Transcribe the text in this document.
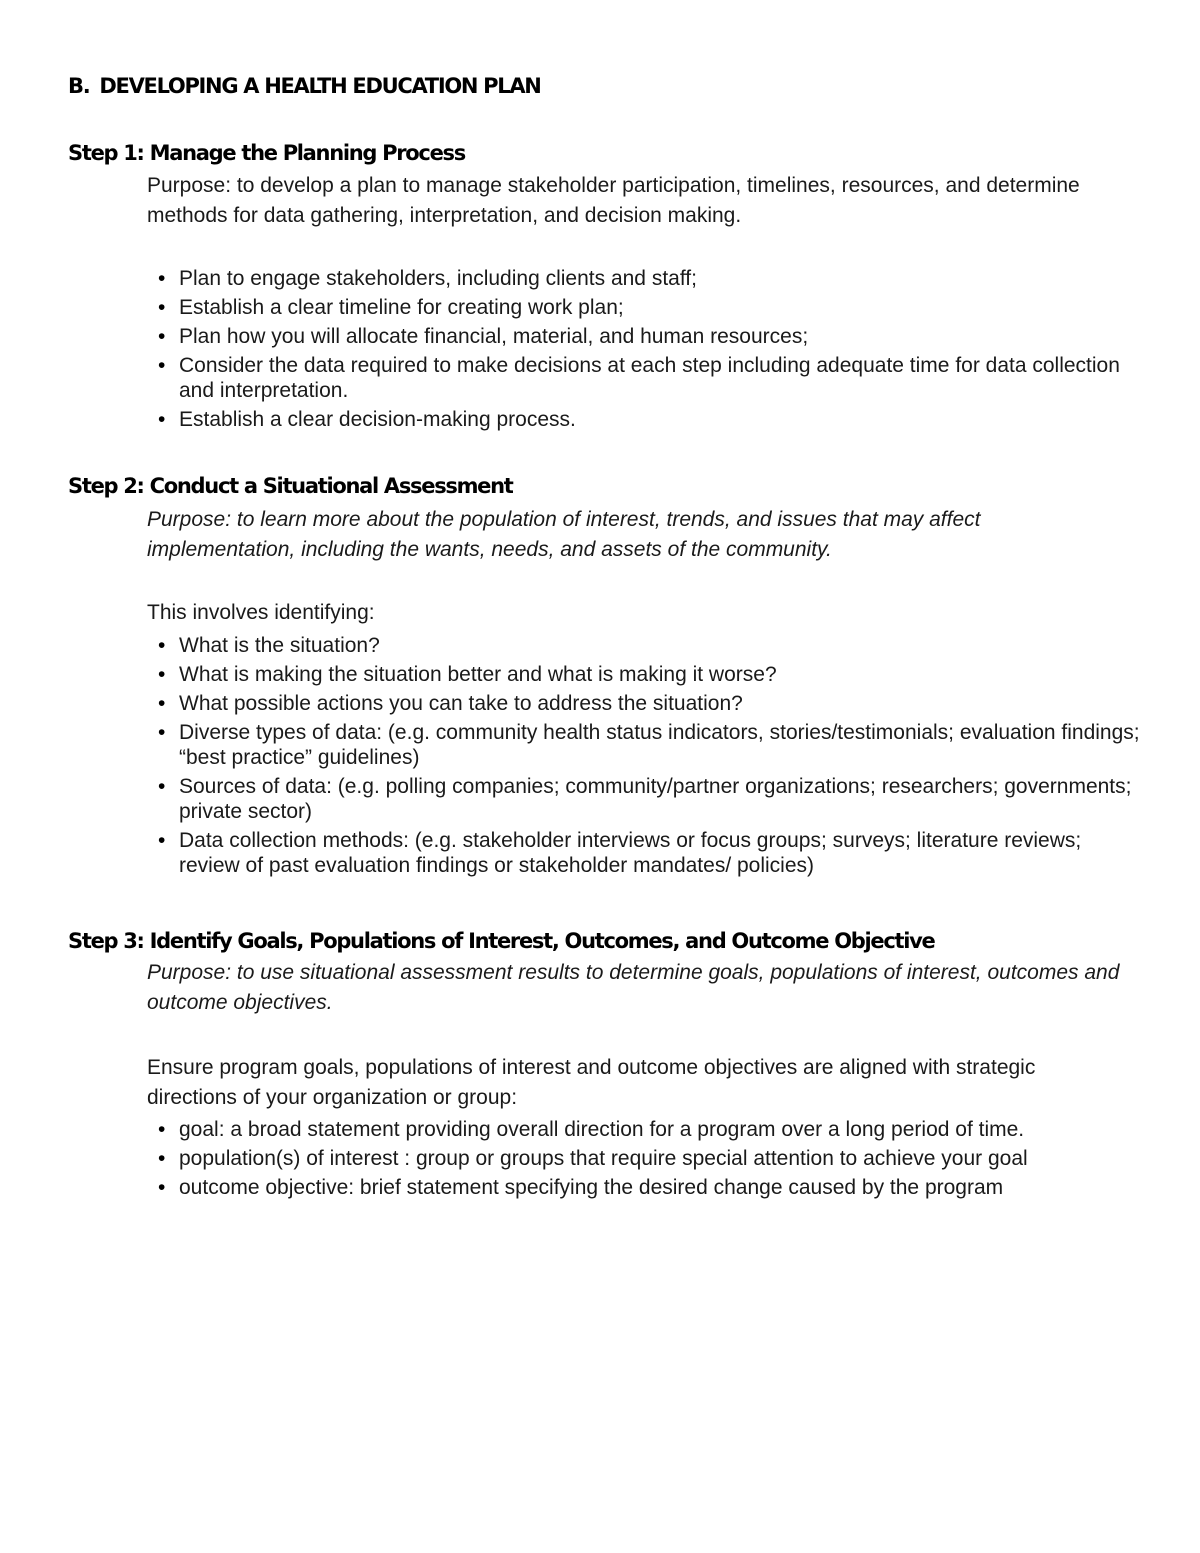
B. DEVELOPING A HEALTH EDUCATION PLAN
Step 1: Manage the Planning Process

Purpose: to develop a plan to manage stakeholder participation, timelines, resources, and determine methods for data gathering, interpretation, and decision making.

• Plan to engage stakeholders, including clients and staff;
• Establish a clear timeline for creating work plan;
• Plan how you will allocate financial, material, and human resources;
• Consider the data required to make decisions at each step including adequate time for data collection and interpretation.
• Establish a clear decision-making process.
Step 2: Conduct a Situational Assessment

Purpose: to learn more about the population of interest, trends, and issues that may affect implementation, including the wants, needs, and assets of the community.

This involves identifying:

• What is the situation?
• What is making the situation better and what is making it worse?
• What possible actions you can take to address the situation?
• Diverse types of data: (e.g. community health status indicators, stories/testimonials; evaluation findings; “best practice” guidelines)
• Sources of data: (e.g. polling companies; community/partner organizations; researchers; governments; private sector)
• Data collection methods: (e.g. stakeholder interviews or focus groups; surveys; literature reviews; review of past evaluation findings or stakeholder mandates/ policies)
Step 3: Identify Goals, Populations of Interest, Outcomes, and Outcome Objective

Purpose: to use situational assessment results to determine goals, populations of interest, outcomes and outcome objectives.

Ensure program goals, populations of interest and outcome objectives are aligned with strategic directions of your organization or group:

• goal: a broad statement providing overall direction for a program over a long period of time.
• population(s) of interest : group or groups that require special attention to achieve your goal
• outcome objective: brief statement specifying the desired change caused by the program
